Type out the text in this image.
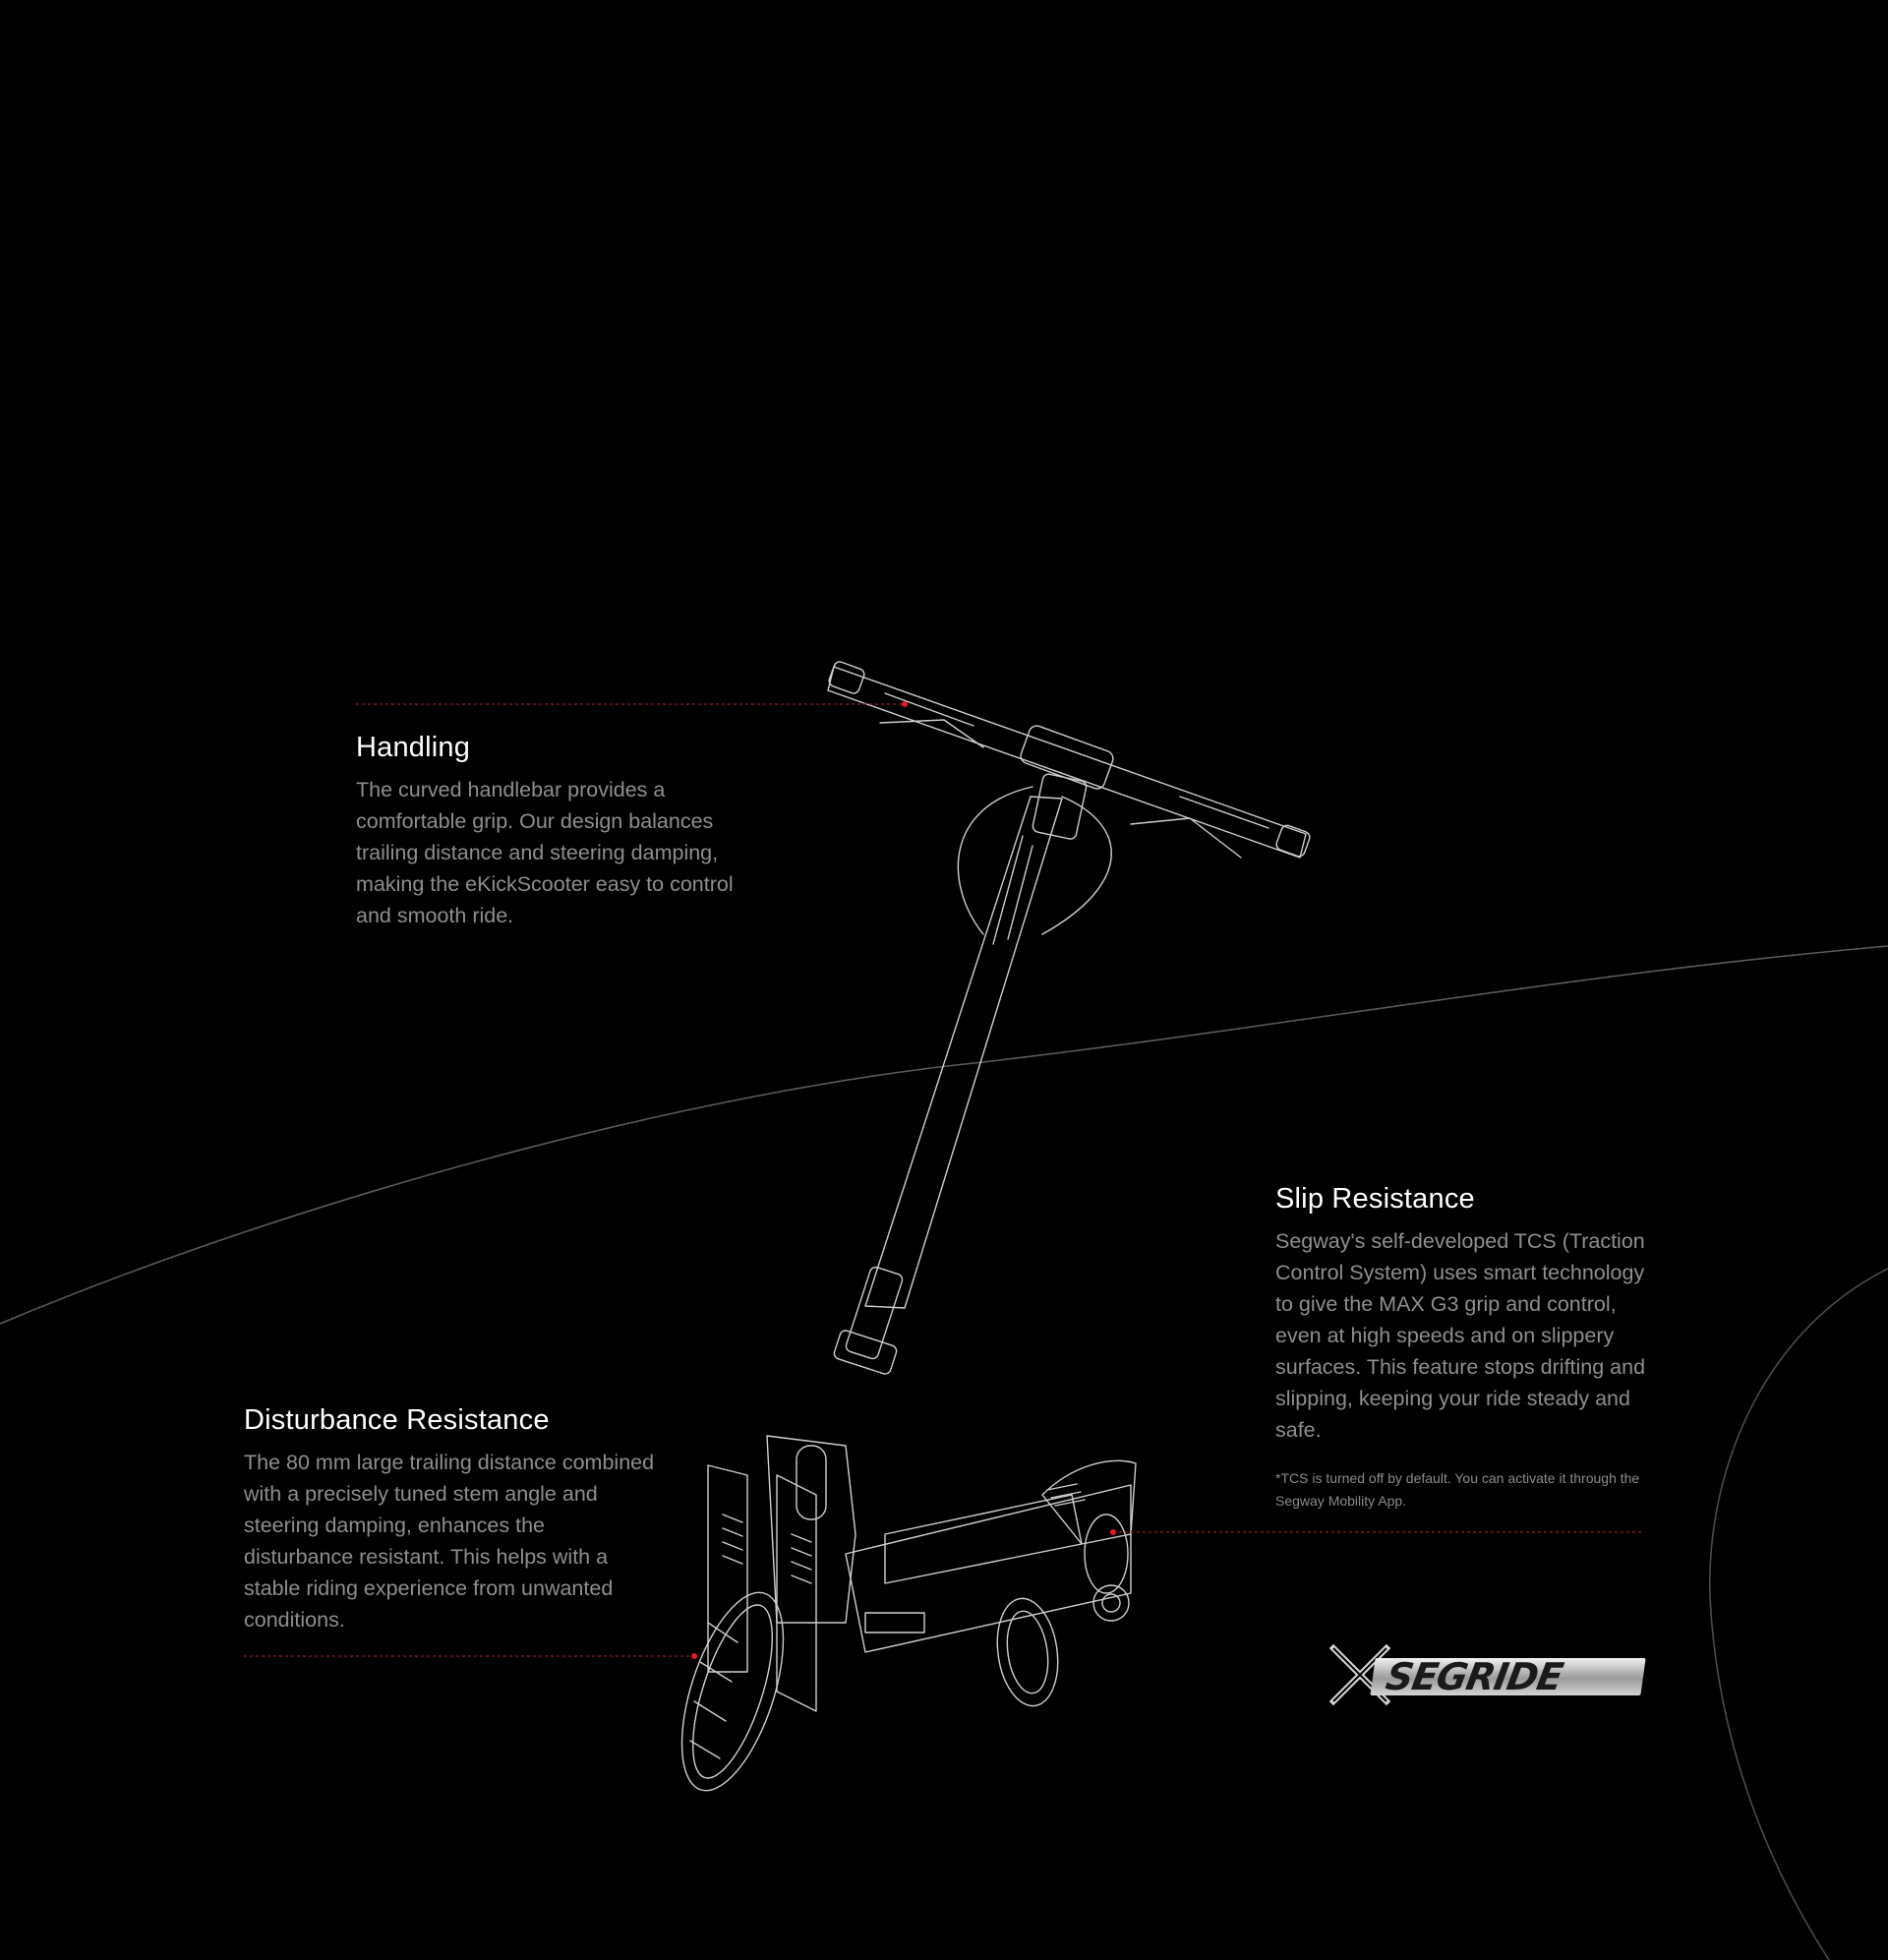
Handling

The curved handlebar provides a comfortable grip. Our design balances trailing distance and steering damping, making the eKickScooter easy to control and smooth ride.

Disturbance Resistance

The 80 mm large trailing distance combined with a precisely tuned stem angle and steering damping, enhances the disturbance resistant. This helps with a stable riding experience from unwanted conditions.

Slip Resistance

Segway's self-developed TCS (Traction Control System) uses smart technology to give the MAX G3 grip and control, even at high speeds and on slippery surfaces. This feature stops drifting and slipping, keeping your ride steady and safe.

*TCS is turned off by default. You can activate it through the Segway Mobility App.

SEGRIDE
